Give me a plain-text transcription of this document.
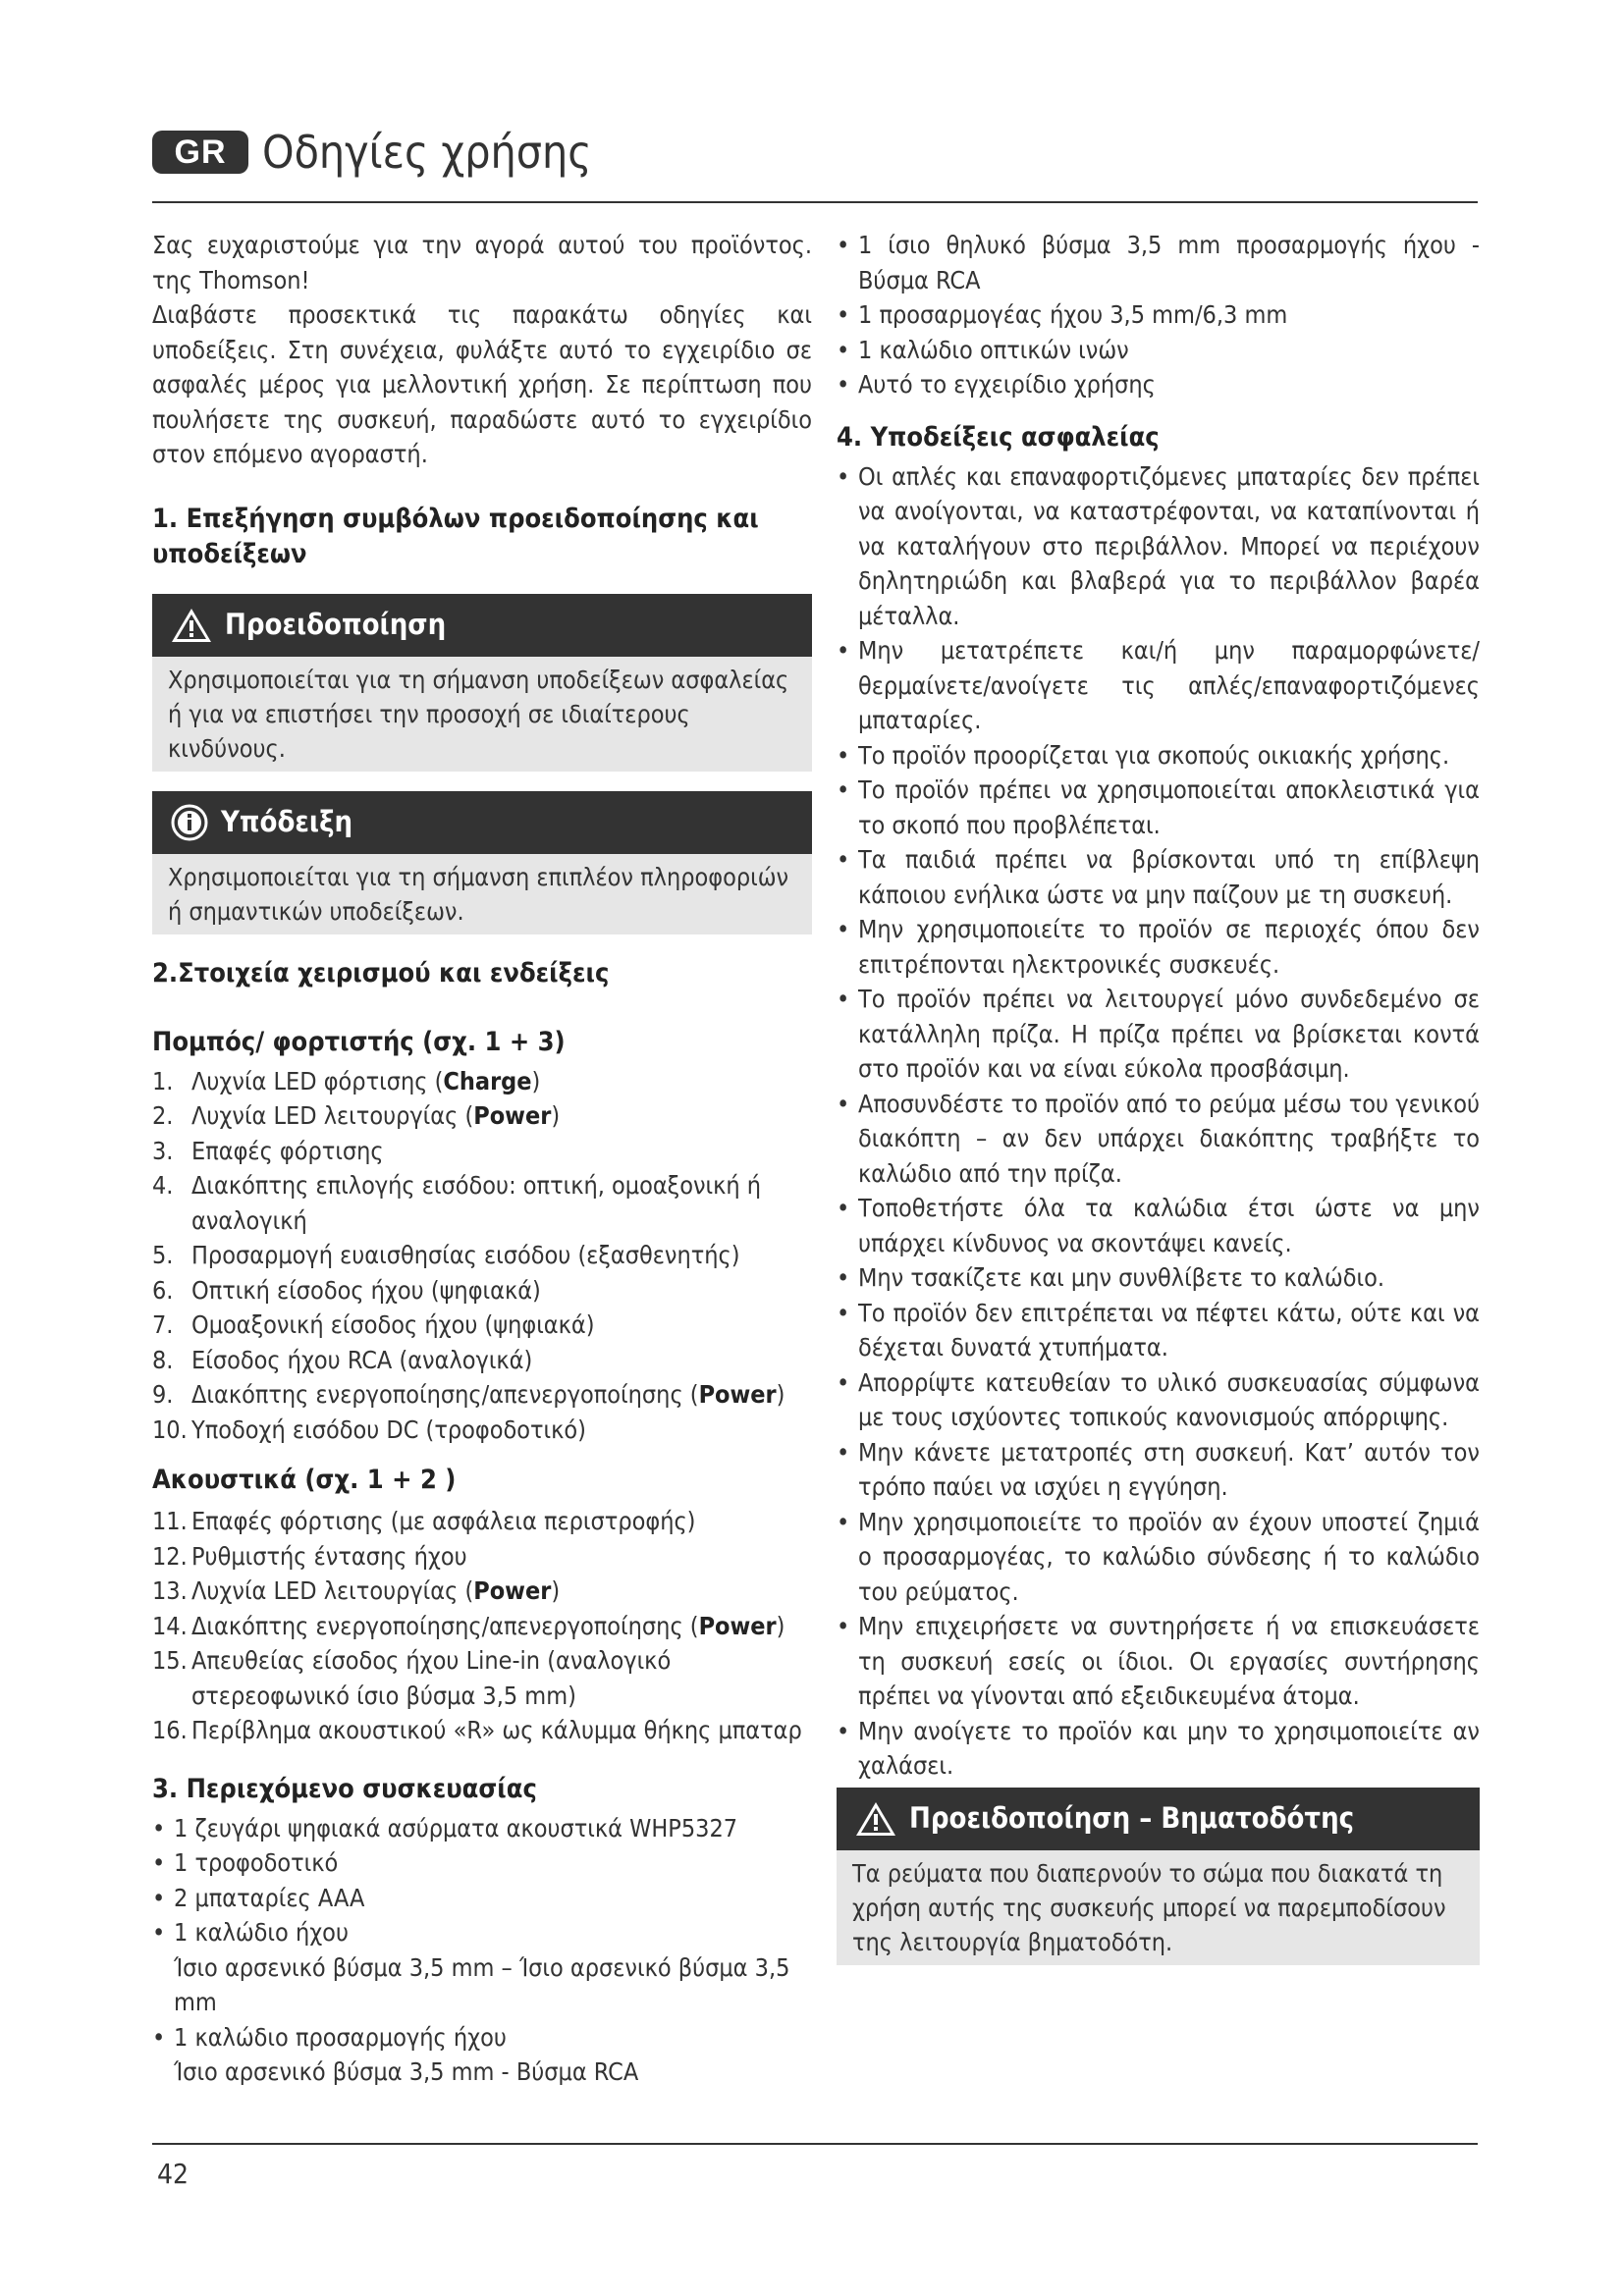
GR Οδηγίες χρήσης

Σας ευχαριστούμε για την αγορά αυτού του προϊόντος. της Thomson!

Διαβάστε προσεκτικά τις παρακάτω οδηγίες και υποδείξεις. Στη συνέχεια, φυλάξτε αυτό το εγχειρίδιο σε ασφαλές μέρος για μελλοντική χρήση. Σε περίπτωση που πουλήσετε της συσκευή, παραδώστε αυτό το εγχειρίδιο στον επόμενο αγοραστή.

1. Επεξήγηση συμβόλων προειδοποίησης και υποδείξεων

Προειδοποίηση
Χρησιμοποιείται για τη σήμανση υποδείξεων ασφαλείας ή για να επιστήσει την προσοχή σε ιδιαίτερους κινδύνους.
Υπόδειξη
Χρησιμοποιείται για τη σήμανση επιπλέον πληροφοριών ή σημαντικών υποδείξεων.

2.Στοιχεία χειρισμού και ενδείξεις

Πομπός/ φορτιστής (σχ. 1 + 3)

1. Λυχνία LED φόρτισης (Charge)
2. Λυχνία LED λειτουργίας (Power)
3. Επαφές φόρτισης
4. Διακόπτης επιλογής εισόδου: οπτική, ομοαξονική ή αναλογική
5. Προσαρμογή ευαισθησίας εισόδου (εξασθενητής)
6. Οπτική είσοδος ήχου (ψηφιακά)
7. Ομοαξονική είσοδος ήχου (ψηφιακά)
8. Είσοδος ήχου RCA (αναλογικά)
9. Διακόπτης ενεργοποίησης/απενεργοποίησης (Power)
10. Υποδοχή εισόδου DC (τροφοδοτικό)

Ακουστικά (σχ. 1 + 2 )

11. Επαφές φόρτισης (με ασφάλεια περιστροφής)
12. Ρυθμιστής έντασης ήχου
13. Λυχνία LED λειτουργίας (Power)
14. Διακόπτης ενεργοποίησης/απενεργοποίησης (Power)
15. Απευθείας είσοδος ήχου Line-in (αναλογικό στερεοφωνικό ίσιο βύσμα 3,5 mm)
16. Περίβλημα ακουστικού «R» ως κάλυμμα θήκης μπαταρ

3. Περιεχόμενο συσκευασίας

• 1 ζευγάρι ψηφιακά ασύρματα ακουστικά WHP5327
• 1 τροφοδοτικό
• 2 μπαταρίες AAA
• 1 καλώδιο ήχου
Ίσιο αρσενικό βύσμα 3,5 mm – Ίσιο αρσενικό βύσμα 3,5 mm
• 1 καλώδιο προσαρμογής ήχου
Ίσιο αρσενικό βύσμα 3,5 mm - Βύσμα RCA
• 1 ίσιο θηλυκό βύσμα 3,5 mm προσαρμογής ήχου - Βύσμα RCA
• 1 προσαρμογέας ήχου 3,5 mm/6,3 mm
• 1 καλώδιο οπτικών ινών
• Αυτό το εγχειρίδιο χρήσης

4. Υποδείξεις ασφαλείας

• Οι απλές και επαναφορτιζόμενες μπαταρίες δεν πρέπει να ανοίγονται, να καταστρέφονται, να καταπίνονται ή να καταλήγουν στο περιβάλλον. Μπορεί να περιέχουν δηλητηριώδη και βλαβερά για το περιβάλλον βαρέα μέταλλα.
• Μην μετατρέπετε και/ή μην παραμορφώνετε/θερμαίνετε/ανοίγετε τις απλές/επαναφορτιζόμενες μπαταρίες.
• Το προϊόν προορίζεται για σκοπούς οικιακής χρήσης.
• Το προϊόν πρέπει να χρησιμοποιείται αποκλειστικά για το σκοπό που προβλέπεται.
• Τα παιδιά πρέπει να βρίσκονται υπό τη επίβλεψη κάποιου ενήλικα ώστε να μην παίζουν με τη συσκευή.
• Μην χρησιμοποιείτε το προϊόν σε περιοχές όπου δεν επιτρέπονται ηλεκτρονικές συσκευές.
• Το προϊόν πρέπει να λειτουργεί μόνο συνδεδεμένο σε κατάλληλη πρίζα. Η πρίζα πρέπει να βρίσκεται κοντά στο προϊόν και να είναι εύκολα προσβάσιμη.
• Αποσυνδέστε το προϊόν από το ρεύμα μέσω του γενικού διακόπτη – αν δεν υπάρχει διακόπτης τραβήξτε το καλώδιο από την πρίζα.
• Τοποθετήστε όλα τα καλώδια έτσι ώστε να μην υπάρχει κίνδυνος να σκοντάψει κανείς.
• Μην τσακίζετε και μην συνθλίβετε το καλώδιο.
• Το προϊόν δεν επιτρέπεται να πέφτει κάτω, ούτε και να δέχεται δυνατά χτυπήματα.
• Απορρίψτε κατευθείαν το υλικό συσκευασίας σύμφωνα με τους ισχύοντες τοπικούς κανονισμούς απόρριψης.
• Μην κάνετε μετατροπές στη συσκευή. Κατ’ αυτόν τον τρόπο παύει να ισχύει η εγγύηση.
• Μην χρησιμοποιείτε το προϊόν αν έχουν υποστεί ζημιά ο προσαρμογέας, το καλώδιο σύνδεσης ή το καλώδιο του ρεύματος.
• Μην επιχειρήσετε να συντηρήσετε ή να επισκευάσετε τη συσκευή εσείς οι ίδιοι. Οι εργασίες συντήρησης πρέπει να γίνονται από εξειδικευμένα άτομα.
• Μην ανοίγετε το προϊόν και μην το χρησιμοποιείτε αν χαλάσει.
Προειδοποίηση – Βηματοδότης
Τα ρεύματα που διαπερνούν το σώμα που διακατά τη χρήση αυτής της συσκευής μπορεί να παρεμποδίσουν της λειτουργία βηματοδότη.
42
